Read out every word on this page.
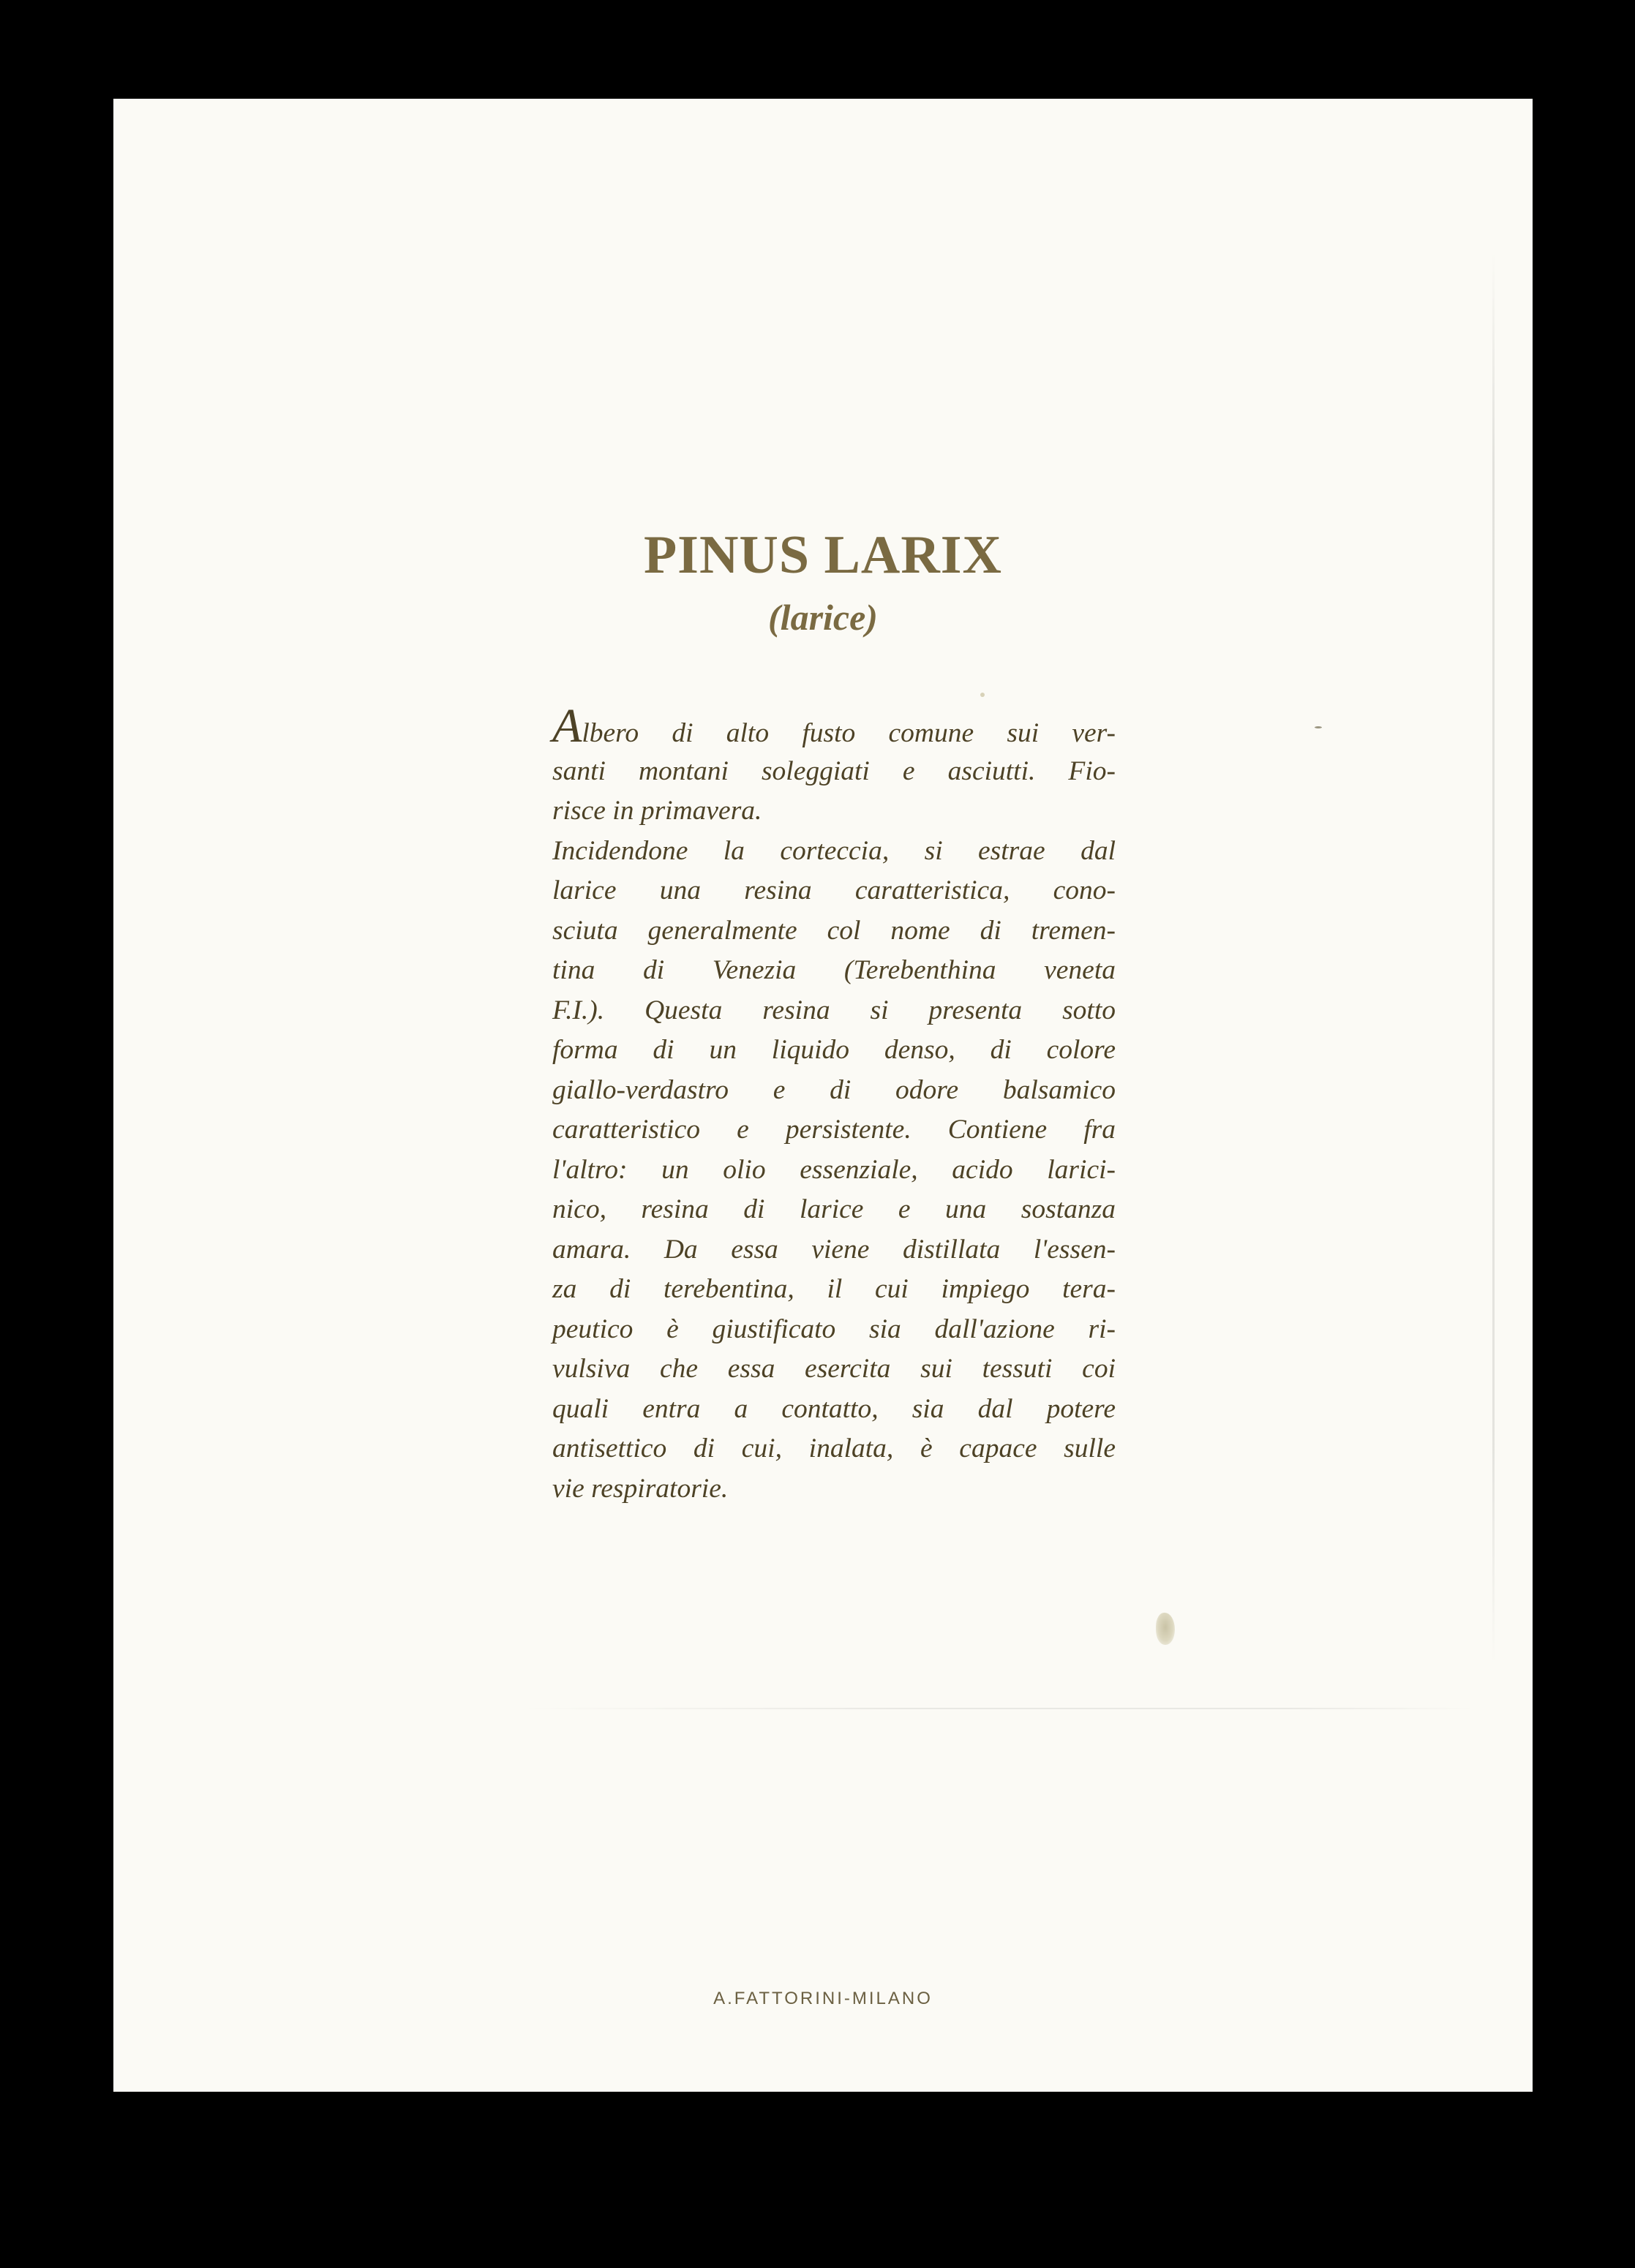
PINUS LARIX
(larice)
Albero di alto fusto comune sui ver-
santi montani soleggiati e asciutti. Fio-
risce in primavera.
Incidendone la corteccia, si estrae dal
larice una resina caratteristica, cono-
sciuta generalmente col nome di tremen-
tina di Venezia (Terebenthina veneta
F.I.). Questa resina si presenta sotto
forma di un liquido denso, di colore
giallo-verdastro e di odore balsamico
caratteristico e persistente. Contiene fra
l'altro: un olio essenziale, acido larici-
nico, resina di larice e una sostanza
amara. Da essa viene distillata l'essen-
za di terebentina, il cui impiego tera-
peutico è giustificato sia dall'azione ri-
vulsiva che essa esercita sui tessuti coi
quali entra a contatto, sia dal potere
antisettico di cui, inalata, è capace sulle
vie respiratorie.

A.FATTORINI-MILANO
